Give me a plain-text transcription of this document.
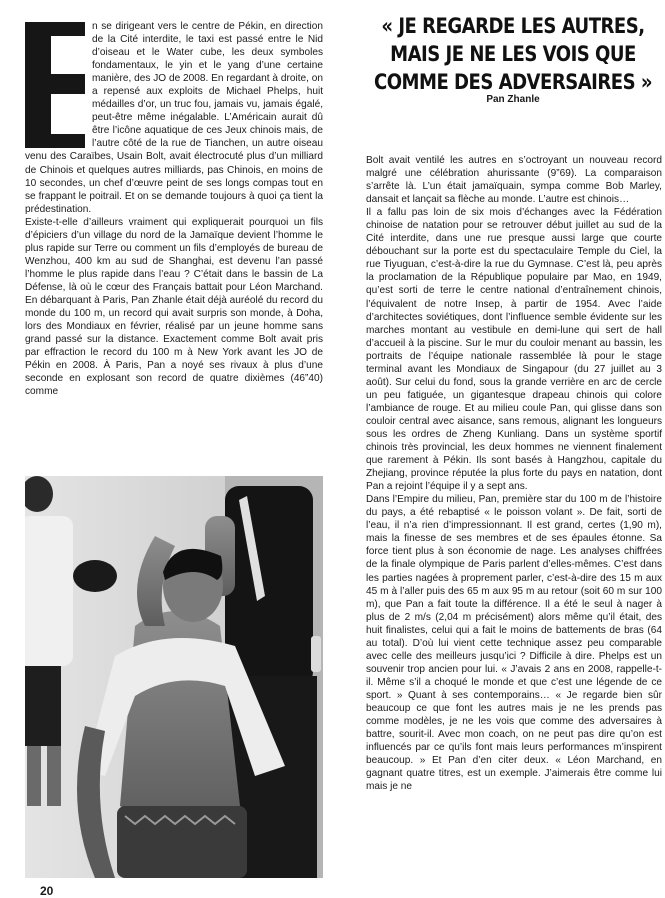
n se dirigeant vers le centre de Pékin, en direction de la Cité interdite, le taxi est passé entre le Nid d’oiseau et le Water cube, les deux symboles fondamentaux, le yin et le yang d’une certaine manière, des JO de 2008. En regardant à droite, on a repensé aux exploits de Michael Phelps, huit médailles d’or, un truc fou, jamais vu, jamais égalé, peut-être même inégalable. L’Américain aurait dû être l’icône aquatique de ces Jeux chinois mais, de l’autre côté de la rue de Tianchen, un autre oiseau venu des Caraïbes, Usain Bolt, avait électrocuté plus d’un milliard de Chinois et quelques autres milliards, pas Chinois, en moins de 10 secondes, un chef d’œuvre peint de ses longs compas tout en se frappant le poitrail. Et on se demande toujours à quoi ça tient la prédestination.

Existe-t-elle d’ailleurs vraiment qui expliquerait pourquoi un fils d’épiciers d’un village du nord de la Jamaïque devient l’homme le plus rapide sur Terre ou comment un fils d’employés de bureau de Wenzhou, 400 km au sud de Shanghai, est devenu l’an passé l’homme le plus rapide dans l’eau ? C’était dans le bassin de La Défense, là où le cœur des Français battait pour Léon Marchand. En débarquant à Paris, Pan Zhanle était déjà auréolé du record du monde du 100 m, un record qui avait surpris son monde, à Doha, lors des Mondiaux en février, réalisé par un jeune homme sans grand passé sur la distance. Exactement comme Bolt avait pris par effraction le record du 100 m à New York avant les JO de Pékin en 2008. À Paris, Pan a noyé ses rivaux à plus d’une seconde en explosant son record de quatre dixièmes (46”40) comme

« JE REGARDE LES AUTRES, MAIS JE NE LES VOIS QUE COMME DES ADVERSAIRES »
Pan Zhanle

Bolt avait ventilé les autres en s’octroyant un nouveau record malgré une célébration ahurissante (9”69). La comparaison s’arrête là. L’un était jamaïquain, sympa comme Bob Marley, dansait et lançait sa flèche au monde. L’autre est chinois…

Il a fallu pas loin de six mois d’échanges avec la Fédération chinoise de natation pour se retrouver début juillet au sud de la Cité interdite, dans une rue presque aussi large que courte débouchant sur la porte est du spectaculaire Temple du Ciel, la rue Tiyuguan, c’est-à-dire la rue du Gymnase. C’est là, peu après la proclamation de la République populaire par Mao, en 1949, qu’est sorti de terre le centre national d’entraînement chinois, l’équivalent de notre Insep, à partir de 1954. Avec l’aide d’architectes soviétiques, dont l’influence semble évidente sur les marches montant au vestibule en demi-lune qui sert de hall d’accueil à la piscine. Sur le mur du couloir menant au bassin, les portraits de l’équipe nationale rassemblée là pour le stage terminal avant les Mondiaux de Singapour (du 27 juillet au 3 août). Sur celui du fond, sous la grande verrière en arc de cercle un peu fatiguée, un gigantesque drapeau chinois qui colore l’ambiance de rouge. Et au milieu coule Pan, qui glisse dans son couloir central avec aisance, sans remous, alignant les longueurs sous les ordres de Zheng Kunliang. Dans un système sportif chinois très provincial, les deux hommes ne viennent finalement que rarement à Pékin. Ils sont basés à Hangzhou, capitale du Zhejiang, province réputée la plus forte du pays en natation, dont Pan a rejoint l’équipe il y a sept ans.

Dans l’Empire du milieu, Pan, première star du 100 m de l’histoire du pays, a été rebaptisé « le poisson volant ». De fait, sorti de l’eau, il n’a rien d’impressionnant. Il est grand, certes (1,90 m), mais la finesse de ses membres et de ses épaules étonne. Sa force tient plus à son économie de nage. Les analyses chiffrées de la finale olympique de Paris parlent d’elles-mêmes. C’est dans les parties nagées à proprement parler, c’est-à-dire des 15 m aux 45 m à l’aller puis des 65 m aux 95 m au retour (soit 60 m sur 100 m), que Pan a fait toute la différence. Il a été le seul à nager à plus de 2 m/s (2,04 m précisément) alors même qu’il était, des huit finalistes, celui qui a fait le moins de battements de bras (64 au total). D’où lui vient cette technique assez peu comparable avec celle des meilleurs jusqu’ici ? Difficile à dire. Phelps est un souvenir trop ancien pour lui. « J’avais 2 ans en 2008, rappelle-t-il. Même s’il a choqué le monde et que c’est une légende de ce sport. » Quant à ses contemporains… « Je regarde bien sûr beaucoup ce que font les autres mais je ne les prends pas comme modèles, je ne les vois que comme des adversaires à battre, sourit-il. Avec mon coach, on ne peut pas dire qu’on est influencés par ce qu’ils font mais leurs performances m’inspirent beaucoup. » Et Pan d’en citer deux. « Léon Marchand, en gagnant quatre titres, est un exemple. J’aimerais être comme lui mais je ne

20
